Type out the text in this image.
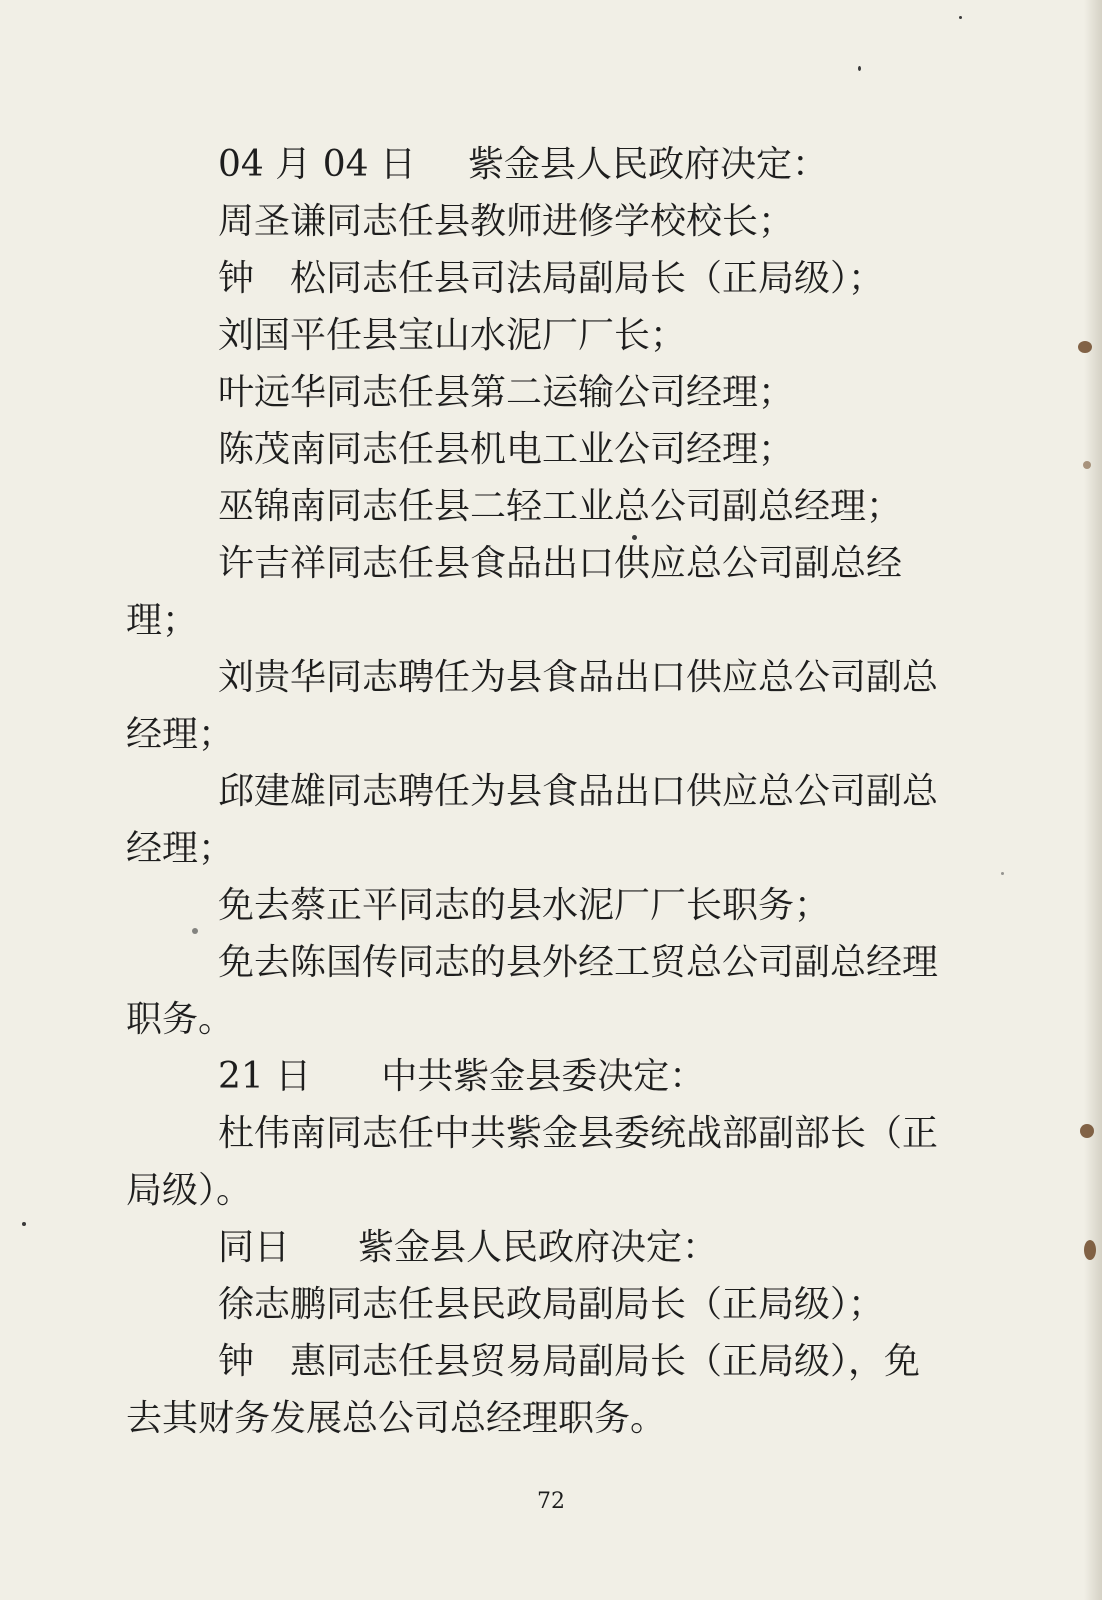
04 月 04 日 紫金县人民政府决定：
周圣谦同志任县教师进修学校校长；
钟 松同志任县司法局副局长（正局级）；
刘国平任县宝山水泥厂厂长；
叶远华同志任县第二运输公司经理；
陈茂南同志任县机电工业公司经理；
巫锦南同志任县二轻工业总公司副总经理；
许吉祥同志任县食品出口供应总公司副总经
理；
刘贵华同志聘任为县食品出口供应总公司副总
经理；
邱建雄同志聘任为县食品出口供应总公司副总
经理；
免去蔡正平同志的县水泥厂厂长职务；
免去陈国传同志的县外经工贸总公司副总经理
职务。
21 日 中共紫金县委决定：
杜伟南同志任中共紫金县委统战部副部长（正
局级）。
同日 紫金县人民政府决定：
徐志鹏同志任县民政局副局长（正局级）；
钟 惠同志任县贸易局副局长（正局级），免
去其财务发展总公司总经理职务。
72
